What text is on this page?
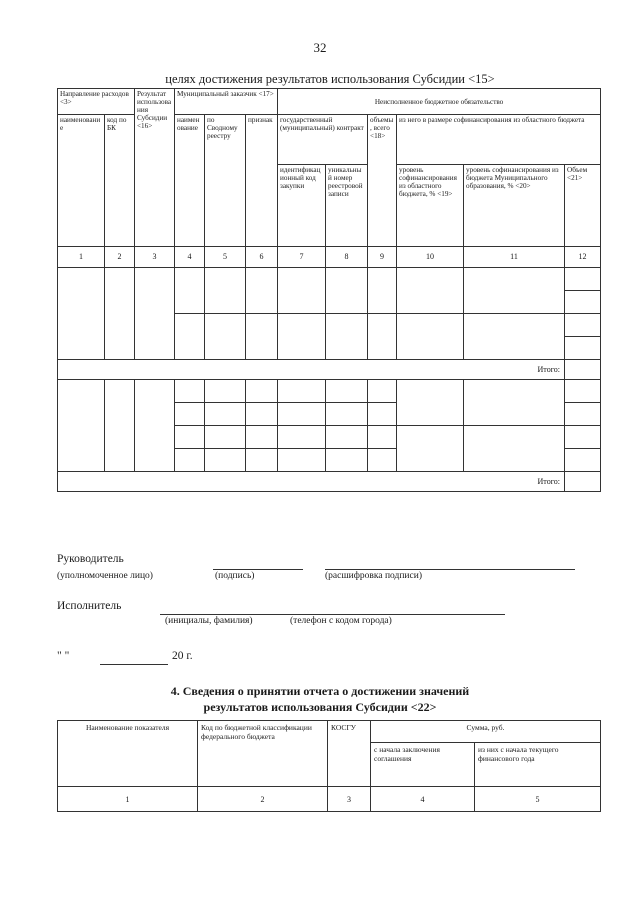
32
целях достижения результатов использования Субсидии <15>
Направление расходов <3>		Результат использования Субсидии <16>	Муниципальный заказчик <17>			Неисполненное бюджетное обязательство					
наименование	код по БК		наименование	по Сводному реестру	признак	государственный (муниципальный) контракт		объемы, всего <18>	из него в размере софинансирования из областного бюджета		
						идентификационный код закупки	уникальный номер реестровой записи		уровень софинансирования из областного бюджета, % <19>	уровень софинансирования из бюджета Муниципального образования, % <20>	Объем <21>
1	2	3	4	5	6	7	8	9	10	11	12

Итого:											

Итого:											
Руководитель
(уполномоченное лицо)	(подпись)	(расшифровка подписи)
Исполнитель
(инициалы, фамилия)	(телефон с кодом города)
" "	20 г.
4. Сведения о принятии отчета о достижении значений
результатов использования Субсидии <22>
Наименование показателя	Код по бюджетной классификации федерального бюджета	КОСГУ	Сумма, руб.	
			с начала заключения соглашения	из них с начала текущего финансового года
1	2	3	4	5
